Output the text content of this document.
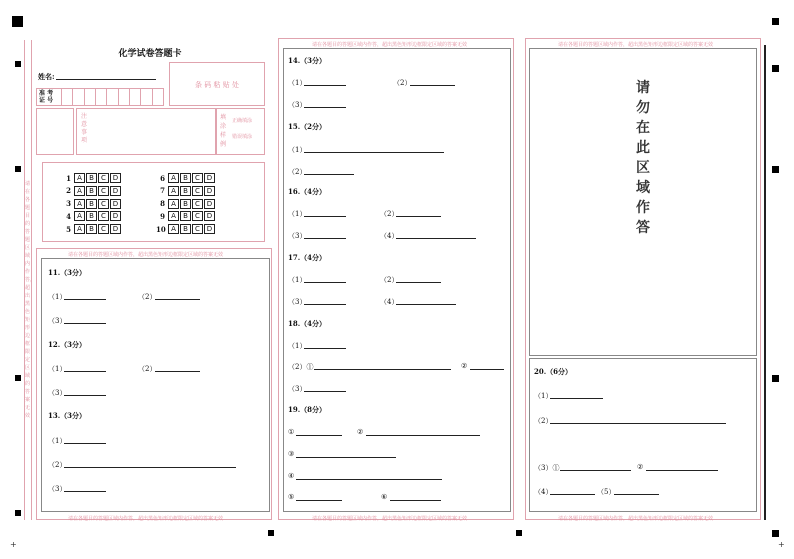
+	+
化学试卷答题卡
姓名:
准 考
证 号
条 码 粘 贴 处
注意事项
填涂样例
正确填涂
错误填涂
1 A	B	C D
2 A	B	C D
3 A	B	C D
4 A	B	C D
5 A	B	C D
6 A	B	C D
7 A	B	C D
8 A	B	C D
9 A	B	C D
10 A	B	C D
请在各题目的答题区域内作答，超出黑色矩形边框限定区域的答案无效
请在各题目的答题区域内作答，超出黑色矩形边框限定区域的答案无效
请在各题目的答题区域内作答，超出黑色矩形边框限定区域的答案无效
11.（3分）
（1）	（2）
（3）
12.（3分）
（1）	（2）
（3）
13.（3分）
（1）
（2）
（3）
请在各题目的答题区域内作答，超出黑色矩形边框限定区域的答案无效
请在各题目的答题区域内作答，超出黑色矩形边框限定区域的答案无效
14.（3分）
（1）	（2）
（3）
15.（2分）
（1）
（2）
16.（4分）
（1）	（2）
（3）	（4）
17.（4分）
（1）	（2）
（3）	（4）
18.（4分）
（1）
（2）①	②
（3）
19.（8分）
①	②
③
④
⑤	⑥
请在各题目的答题区域内作答，超出黑色矩形边框限定区域的答案无效
请在各题目的答题区域内作答，超出黑色矩形边框限定区域的答案无效
请
勿
在
此
区
域
作
答
20.（6分）
（1）
（2）
（3）①	②
（4）	（5）
